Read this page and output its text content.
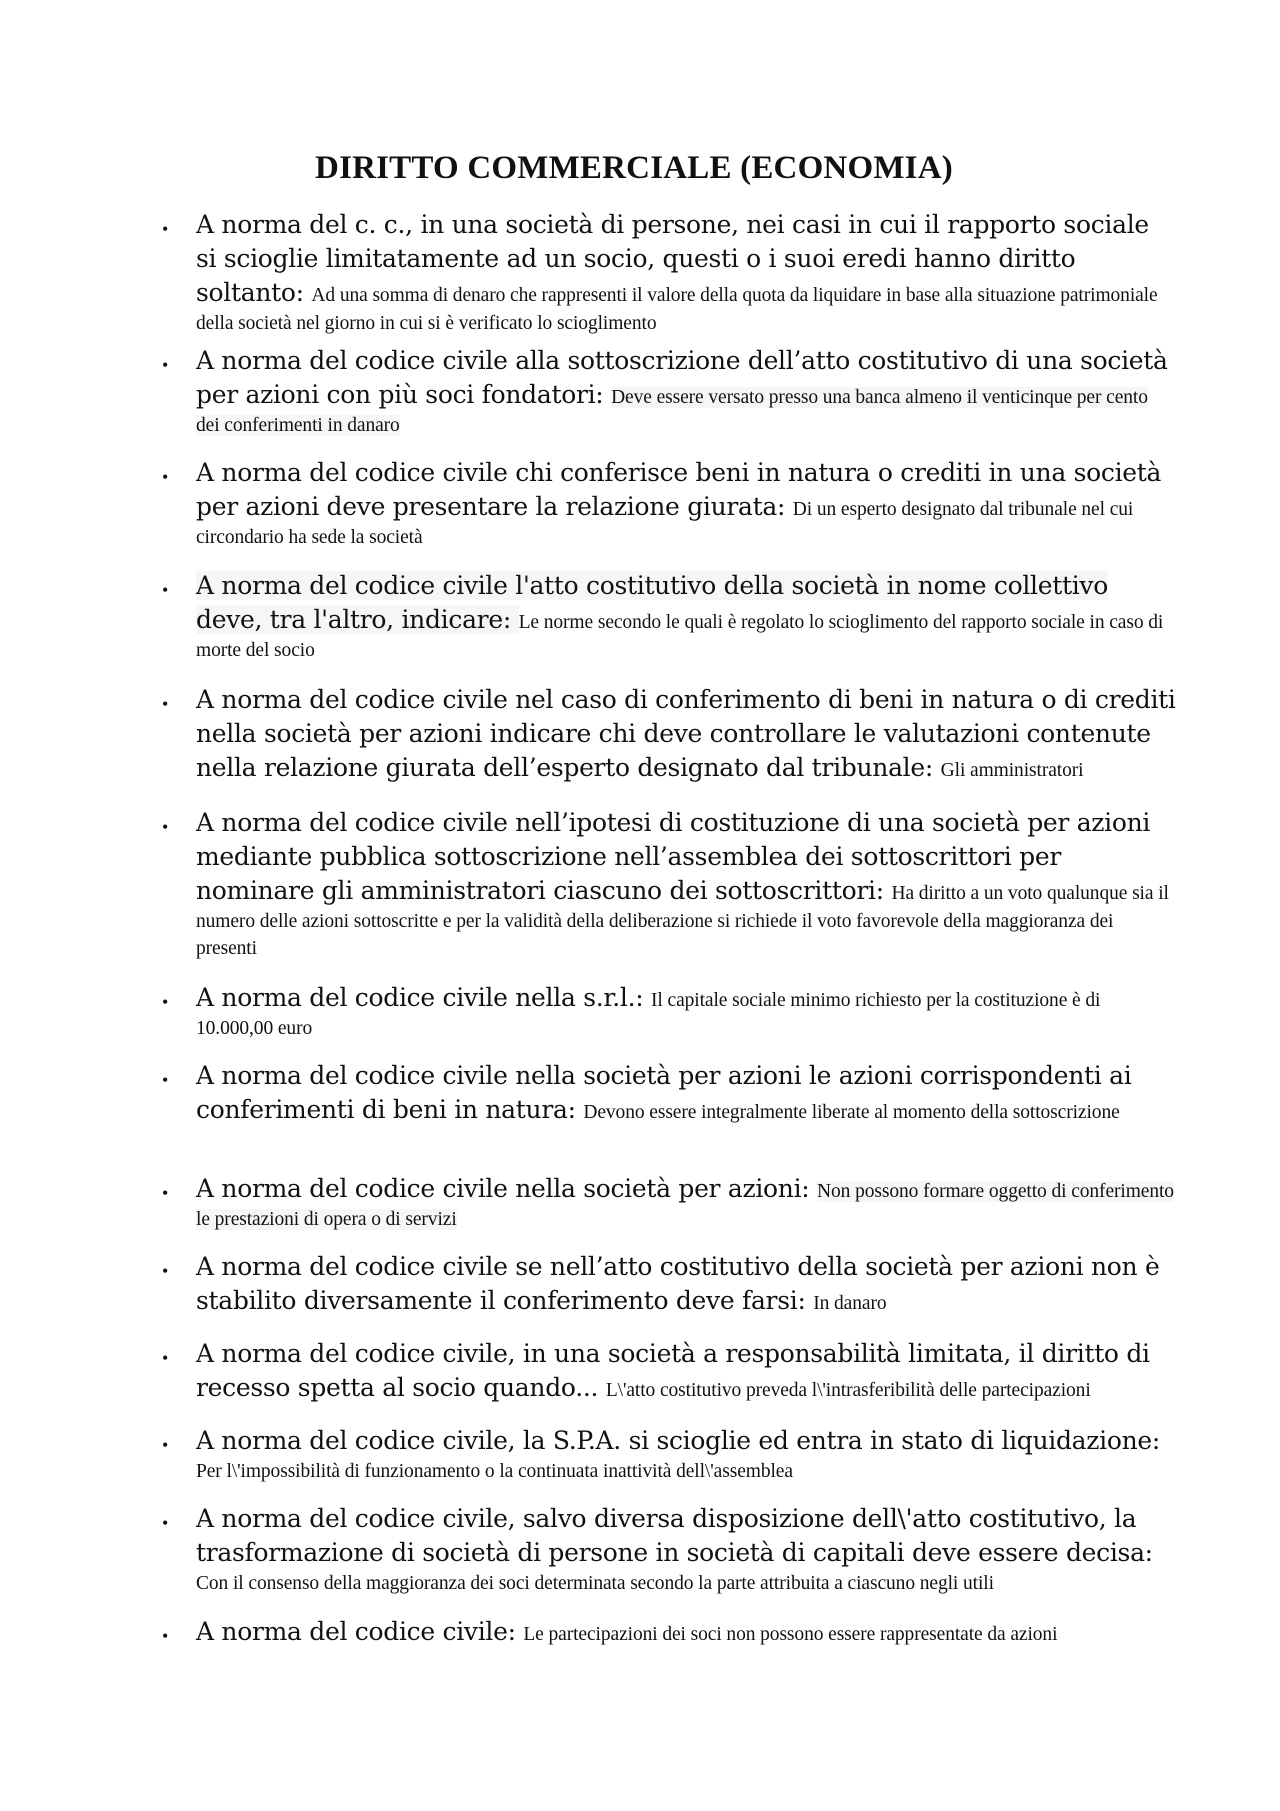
DIRITTO COMMERCIALE (ECONOMIA)
• A norma del c. c., in una società di persone, nei casi in cui il rapporto sociale si scioglie limitatamente ad un socio, questi o i suoi eredi hanno diritto soltanto: Ad una somma di denaro che rappresenti il valore della quota da liquidare in base alla situazione patrimoniale della società nel giorno in cui si è verificato lo scioglimento
• A norma del codice civile alla sottoscrizione dell’atto costitutivo di una società per azioni con più soci fondatori: Deve essere versato presso una banca almeno il venticinque per cento dei conferimenti in danaro
• A norma del codice civile chi conferisce beni in natura o crediti in una società per azioni deve presentare la relazione giurata: Di un esperto designato dal tribunale nel cui circondario ha sede la società
• A norma del codice civile l'atto costitutivo della società in nome collettivo deve, tra l'altro, indicare: Le norme secondo le quali è regolato lo scioglimento del rapporto sociale in caso di morte del socio
• A norma del codice civile nel caso di conferimento di beni in natura o di crediti nella società per azioni indicare chi deve controllare le valutazioni contenute nella relazione giurata dell’esperto designato dal tribunale: Gli amministratori
• A norma del codice civile nell’ipotesi di costituzione di una società per azioni mediante pubblica sottoscrizione nell’assemblea dei sottoscrittori per nominare gli amministratori ciascuno dei sottoscrittori: Ha diritto a un voto qualunque sia il numero delle azioni sottoscritte e per la validità della deliberazione si richiede il voto favorevole della maggioranza dei presenti
• A norma del codice civile nella s.r.l.: Il capitale sociale minimo richiesto per la costituzione è di 10.000,00 euro
• A norma del codice civile nella società per azioni le azioni corrispondenti ai conferimenti di beni in natura: Devono essere integralmente liberate al momento della sottoscrizione
• A norma del codice civile nella società per azioni: Non possono formare oggetto di conferimento le prestazioni di opera o di servizi
• A norma del codice civile se nell’atto costitutivo della società per azioni non è stabilito diversamente il conferimento deve farsi: In danaro
• A norma del codice civile, in una società a responsabilità limitata, il diritto di recesso spetta al socio quando... L\'atto costitutivo preveda l\'intrasferibilità delle partecipazioni
• A norma del codice civile, la S.P.A. si scioglie ed entra in stato di liquidazione: Per l\'impossibilità di funzionamento o la continuata inattività dell\'assemblea
• A norma del codice civile, salvo diversa disposizione dell\'atto costitutivo, la trasformazione di società di persone in società di capitali deve essere decisa: Con il consenso della maggioranza dei soci determinata secondo la parte attribuita a ciascuno negli utili
• A norma del codice civile: Le partecipazioni dei soci non possono essere rappresentate da azioni
